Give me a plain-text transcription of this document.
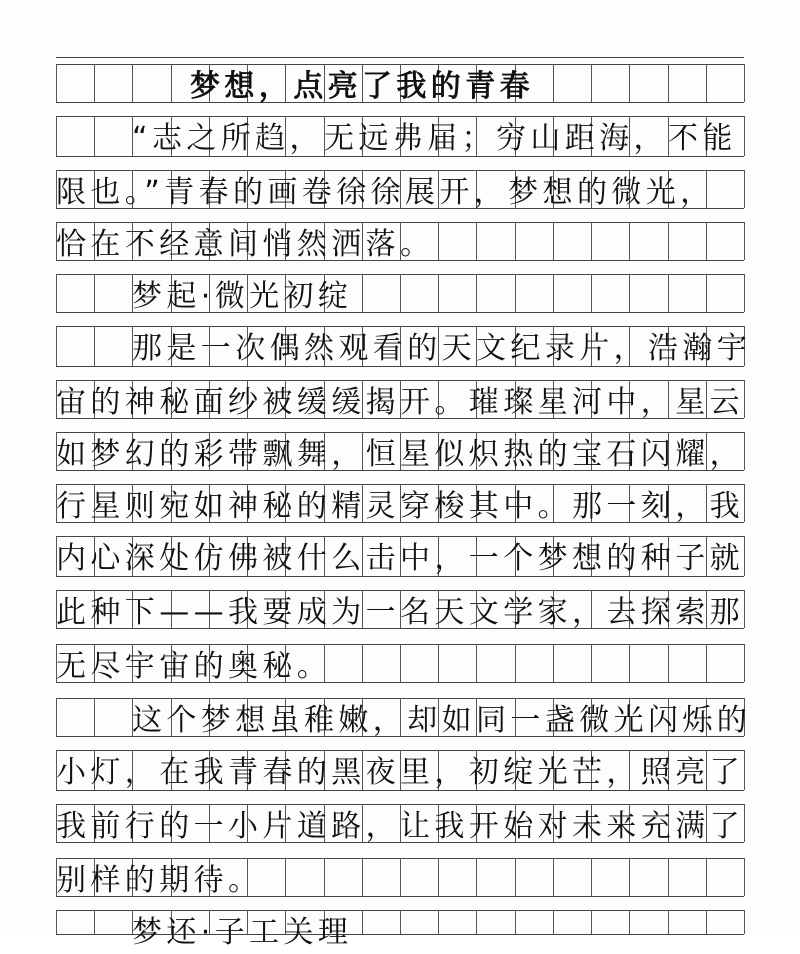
梦想，点亮了我的青春
“志之所趋，无远弗届；穷山距海，不能
限也。”青春的画卷徐徐展开，梦想的微光，
恰在不经意间悄然洒落。
梦起·微光初绽
那是一次偶然观看的天文纪录片，浩瀚宇
宙的神秘面纱被缓缓揭开。璀璨星河中，星云
如梦幻的彩带飘舞，恒星似炽热的宝石闪耀，
行星则宛如神秘的精灵穿梭其中。那一刻，我
内心深处仿佛被什么击中，一个梦想的种子就
此种下——我要成为一名天文学家，去探索那
无尽宇宙的奥秘。
这个梦想虽稚嫩，却如同一盏微光闪烁的
小灯，在我青春的黑夜里，初绽光芒，照亮了
我前行的一小片道路，让我开始对未来充满了
别样的期待。
梦还·子工关理
